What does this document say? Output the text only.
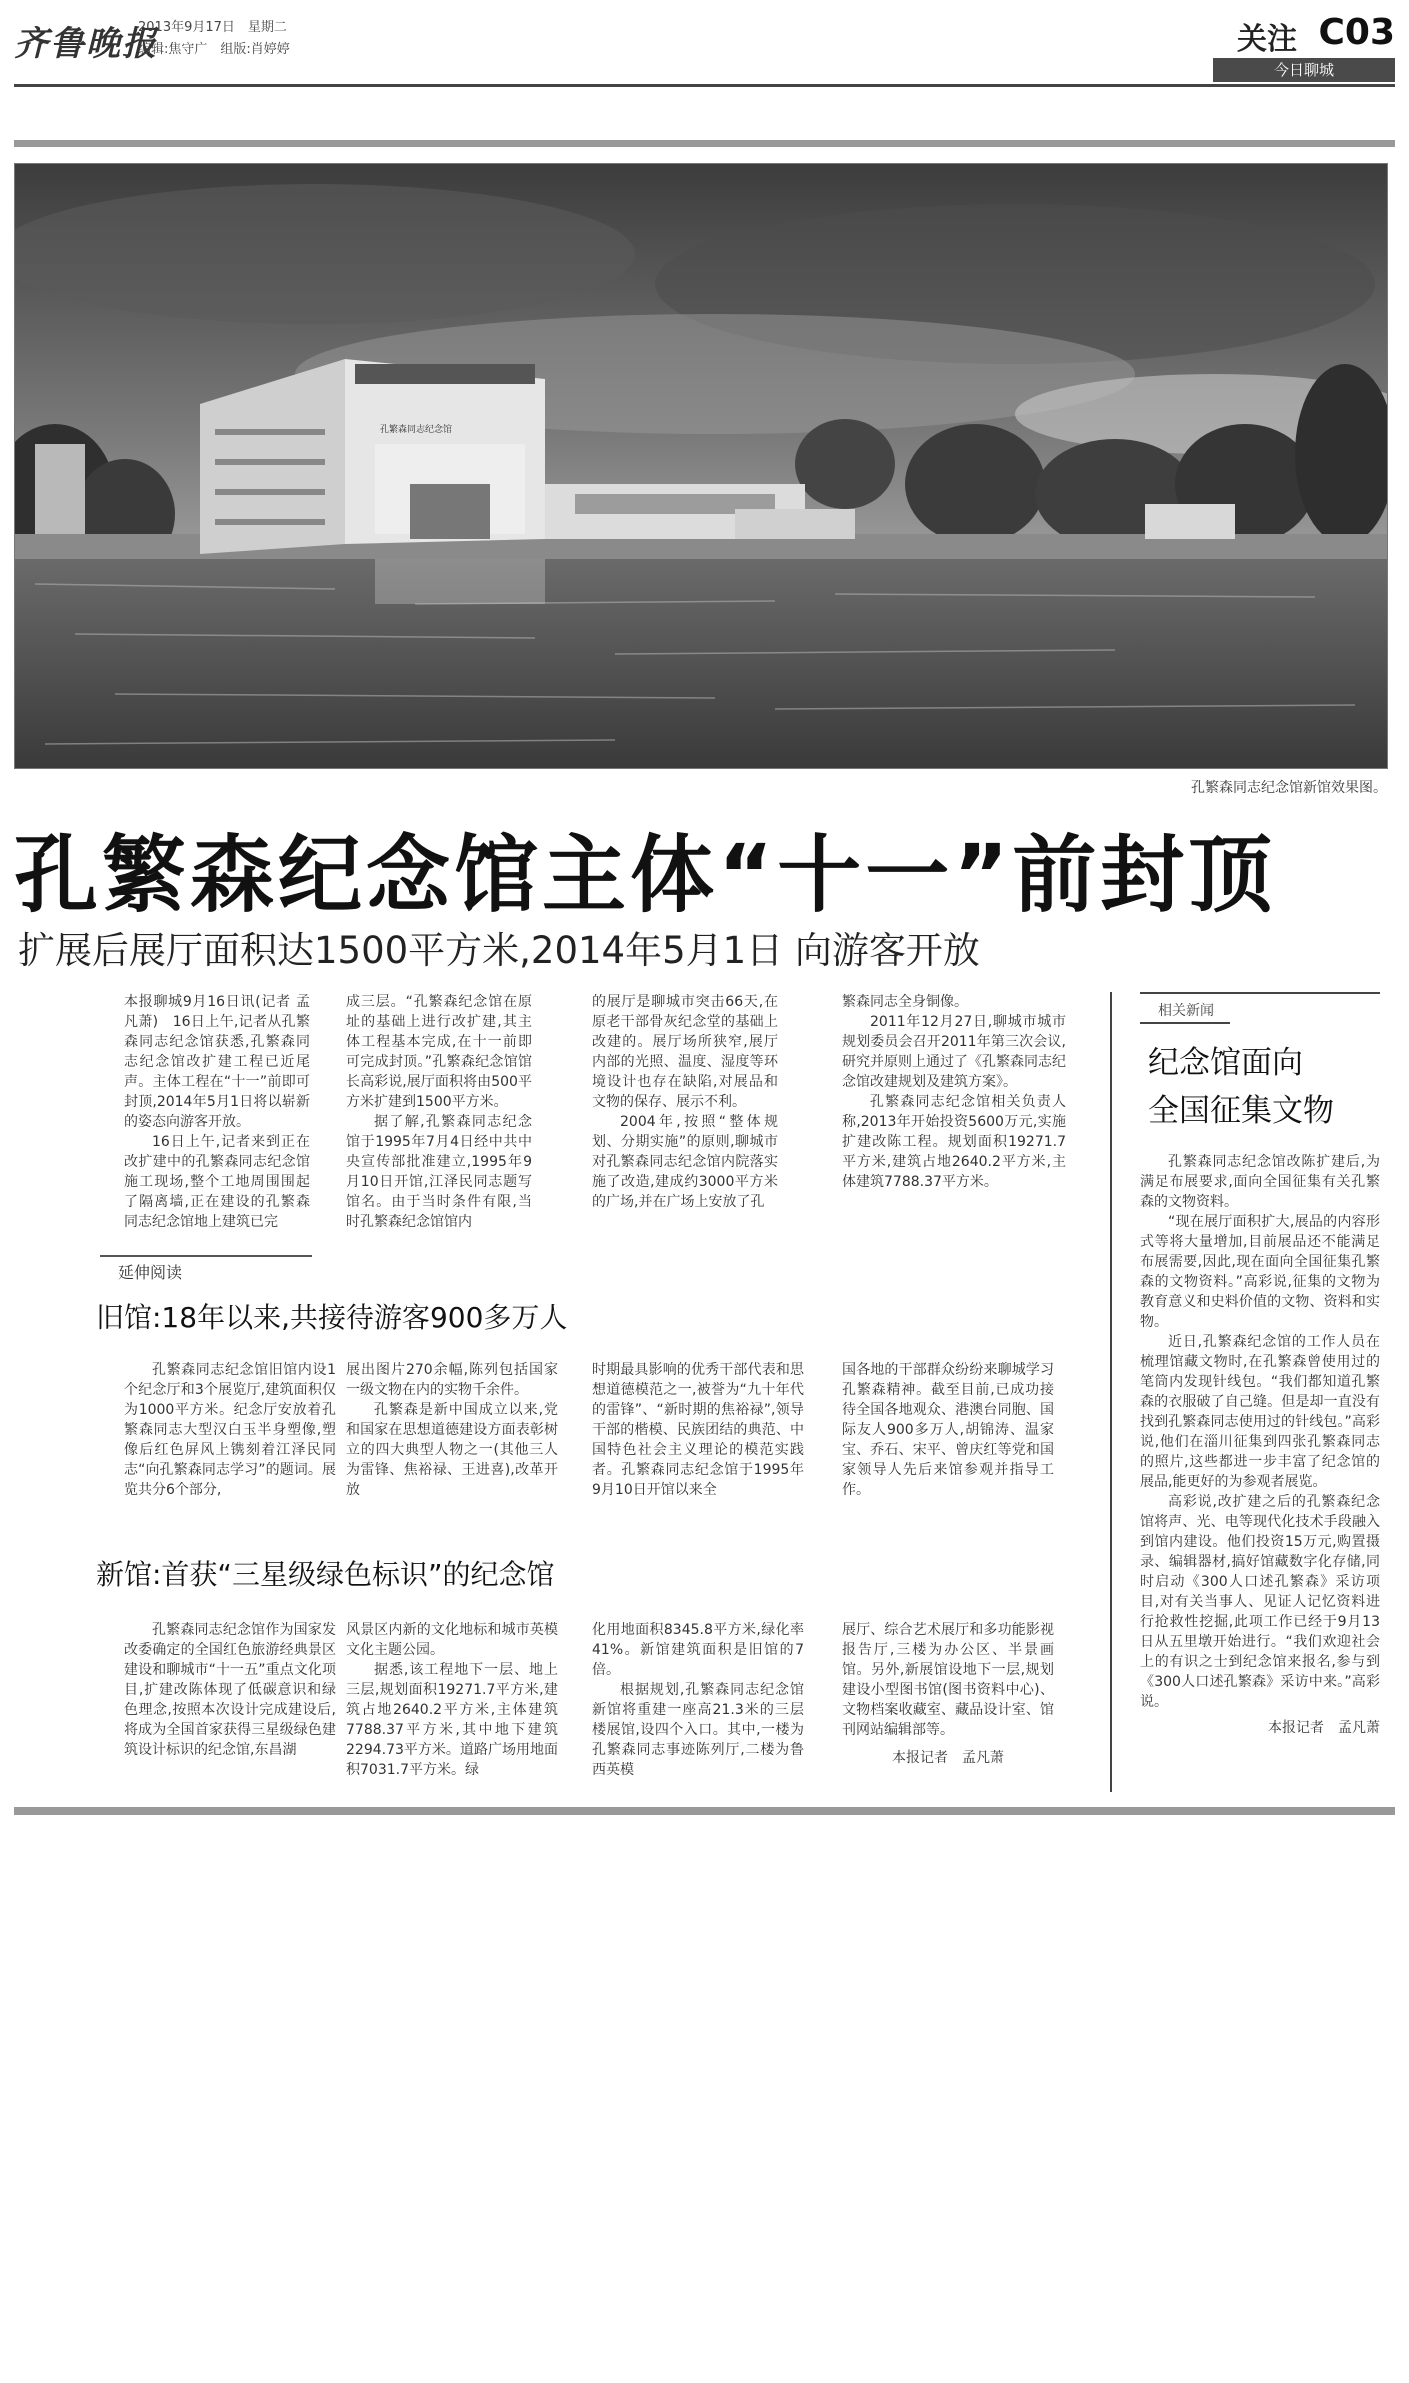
齐鲁晚报
2013年9月17日　星期二
编辑:焦守广　组版:肖婷婷	关注 C03
今日聊城
孔繁森同志纪念馆
孔繁森同志纪念馆新馆效果图。
孔繁森纪念馆主体“十一”前封顶
扩展后展厅面积达1500平方米,2014年5月1日 向游客开放

本报聊城9月16日讯(记者 孟凡萧)　16日上午,记者从孔繁森同志纪念馆获悉,孔繁森同志纪念馆改扩建工程已近尾声。主体工程在“十一”前即可封顶,2014年5月1日将以崭新的姿态向游客开放。

16日上午,记者来到正在改扩建中的孔繁森同志纪念馆施工现场,整个工地周围围起了隔离墙,正在建设的孔繁森同志纪念馆地上建筑已完

成三层。“孔繁森纪念馆在原址的基础上进行改扩建,其主体工程基本完成,在十一前即可完成封顶。”孔繁森纪念馆馆长高彩说,展厅面积将由500平方米扩建到1500平方米。

据了解,孔繁森同志纪念馆于1995年7月4日经中共中央宣传部批准建立,1995年9月10日开馆,江泽民同志题写馆名。由于当时条件有限,当时孔繁森纪念馆馆内

的展厅是聊城市突击66天,在原老干部骨灰纪念堂的基础上改建的。展厅场所狭窄,展厅内部的光照、温度、湿度等环境设计也存在缺陷,对展品和文物的保存、展示不利。

2004年,按照“整体规划、分期实施”的原则,聊城市对孔繁森同志纪念馆内院落实施了改造,建成约3000平方米的广场,并在广场上安放了孔

繁森同志全身铜像。

2011年12月27日,聊城市城市规划委员会召开2011年第三次会议,研究并原则上通过了《孔繁森同志纪念馆改建规划及建筑方案》。

孔繁森同志纪念馆相关负责人称,2013年开始投资5600万元,实施扩建改陈工程。规划面积19271.7平方米,建筑占地2640.2平方米,主体建筑7788.37平方米。

延伸阅读
旧馆:18年以来,共接待游客900多万人

孔繁森同志纪念馆旧馆内设1个纪念厅和3个展览厅,建筑面积仅为1000平方米。纪念厅安放着孔繁森同志大型汉白玉半身塑像,塑像后红色屏风上镌刻着江泽民同志“向孔繁森同志学习”的题词。展览共分6个部分,

展出图片270余幅,陈列包括国家一级文物在内的实物千余件。

孔繁森是新中国成立以来,党和国家在思想道德建设方面表彰树立的四大典型人物之一(其他三人为雷锋、焦裕禄、王进喜),改革开放

时期最具影响的优秀干部代表和思想道德模范之一,被誉为“九十年代的雷锋”、“新时期的焦裕禄”,领导干部的楷模、民族团结的典范、中国特色社会主义理论的模范实践者。孔繁森同志纪念馆于1995年9月10日开馆以来全

国各地的干部群众纷纷来聊城学习孔繁森精神。截至目前,已成功接待全国各地观众、港澳台同胞、国际友人900多万人,胡锦涛、温家宝、乔石、宋平、曾庆红等党和国家领导人先后来馆参观并指导工作。

新馆:首获“三星级绿色标识”的纪念馆

孔繁森同志纪念馆作为国家发改委确定的全国红色旅游经典景区建设和聊城市“十一五”重点文化项目,扩建改陈体现了低碳意识和绿色理念,按照本次设计完成建设后,将成为全国首家获得三星级绿色建筑设计标识的纪念馆,东昌湖

风景区内新的文化地标和城市英模文化主题公园。

据悉,该工程地下一层、地上三层,规划面积19271.7平方米,建筑占地2640.2平方米,主体建筑7788.37平方米,其中地下建筑2294.73平方米。道路广场用地面积7031.7平方米。绿

化用地面积8345.8平方米,绿化率41%。新馆建筑面积是旧馆的7倍。

根据规划,孔繁森同志纪念馆新馆将重建一座高21.3米的三层楼展馆,设四个入口。其中,一楼为孔繁森同志事迹陈列厅,二楼为鲁西英模

展厅、综合艺术展厅和多功能影视报告厅,三楼为办公区、半景画馆。另外,新展馆设地下一层,规划建设小型图书馆(图书资料中心)、文物档案收藏室、藏品设计室、馆刊网站编辑部等。

本报记者　孟凡萧

相关新闻
纪念馆面向
全国征集文物

孔繁森同志纪念馆改陈扩建后,为满足布展要求,面向全国征集有关孔繁森的文物资料。

“现在展厅面积扩大,展品的内容形式等将大量增加,目前展品还不能满足布展需要,因此,现在面向全国征集孔繁森的文物资料。”高彩说,征集的文物为教育意义和史料价值的文物、资料和实物。

近日,孔繁森纪念馆的工作人员在梳理馆藏文物时,在孔繁森曾使用过的笔筒内发现针线包。“我们都知道孔繁森的衣服破了自己缝。但是却一直没有找到孔繁森同志使用过的针线包。”高彩说,他们在淄川征集到四张孔繁森同志的照片,这些都进一步丰富了纪念馆的展品,能更好的为参观者展览。

高彩说,改扩建之后的孔繁森纪念馆将声、光、电等现代化技术手段融入到馆内建设。他们投资15万元,购置摄录、编辑器材,搞好馆藏数字化存储,同时启动《300人口述孔繁森》采访项目,对有关当事人、见证人记忆资料进行抢救性挖掘,此项工作已经于9月13日从五里墩开始进行。“我们欢迎社会上的有识之士到纪念馆来报名,参与到《300人口述孔繁森》采访中来。”高彩说。

本报记者　孟凡萧
